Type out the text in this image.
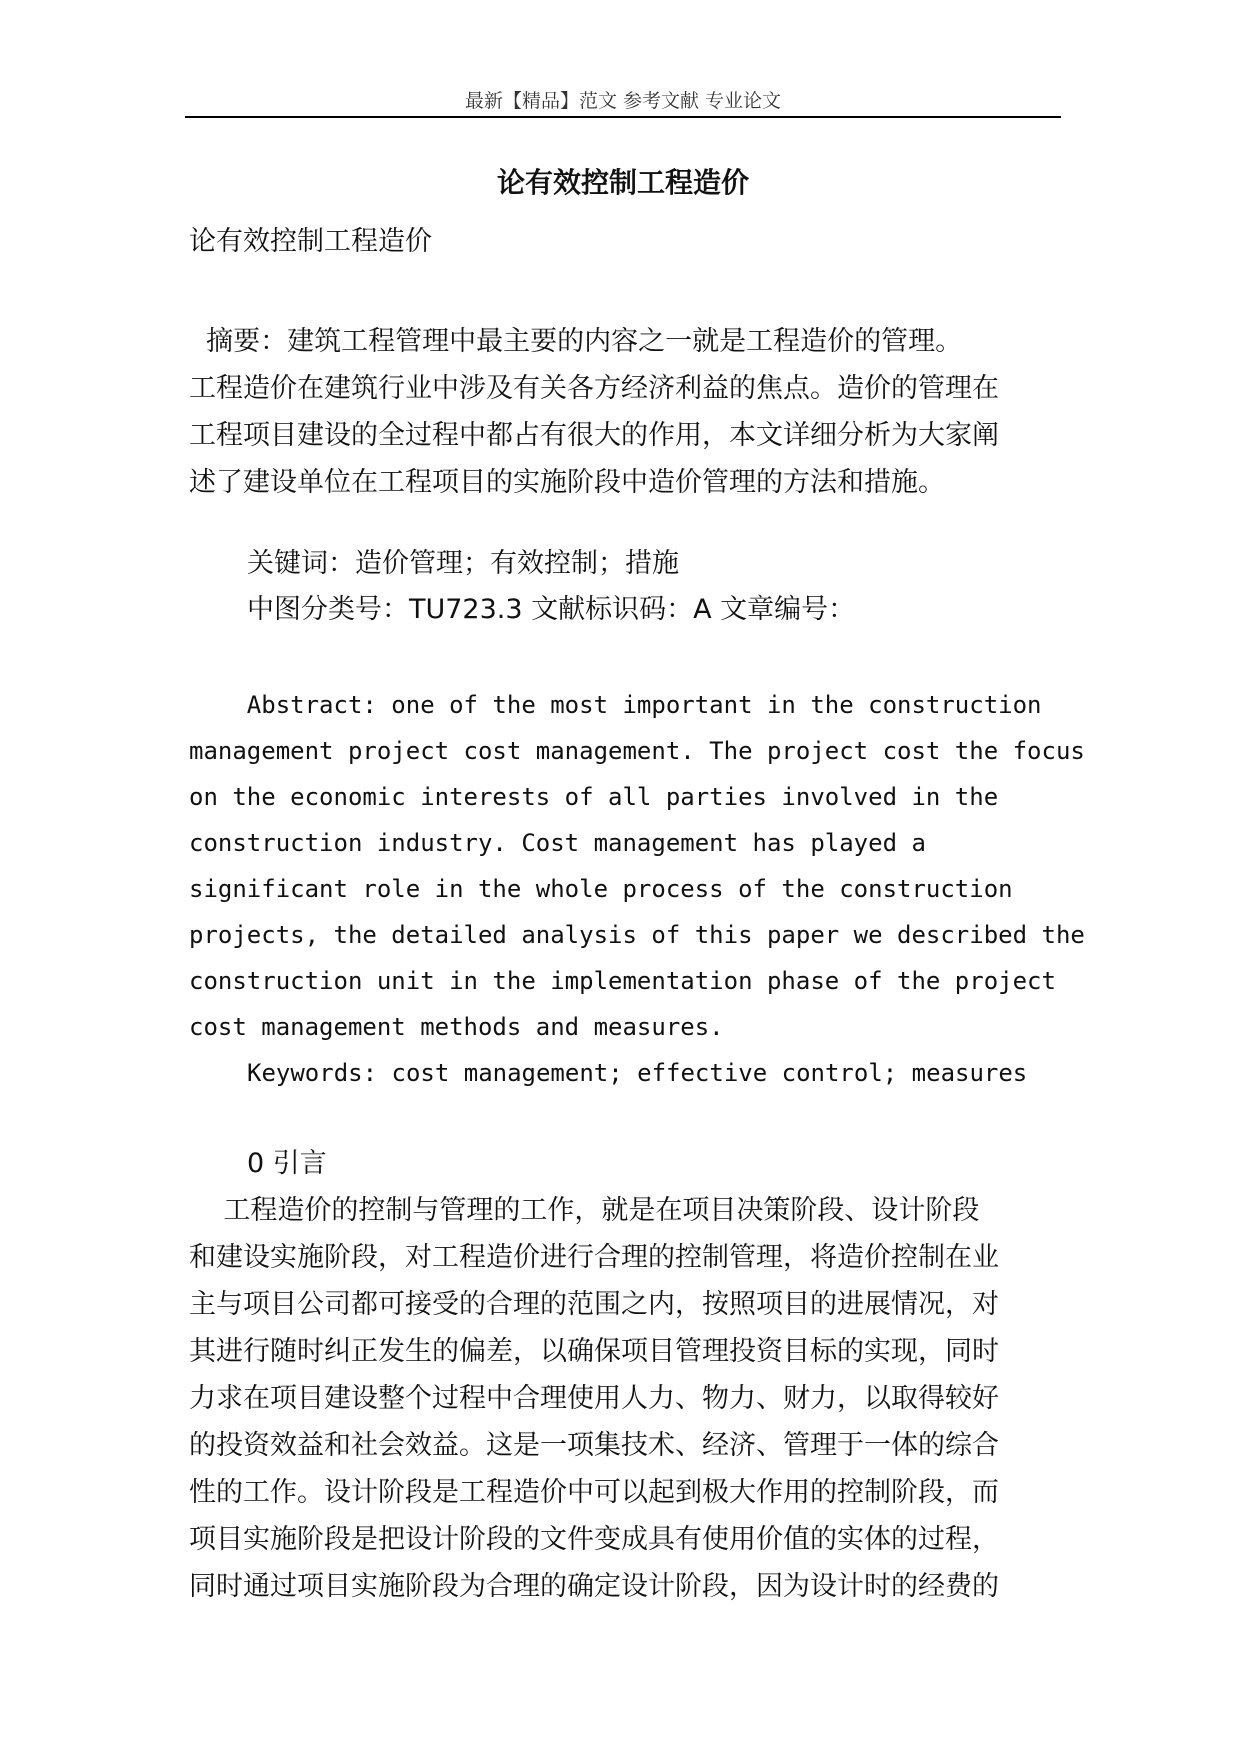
最新【精品】范文 参考文献 专业论文
论有效控制工程造价
论有效控制工程造价
摘要：建筑工程管理中最主要的内容之一就是工程造价的管理。
工程造价在建筑行业中涉及有关各方经济利益的焦点。造价的管理在
工程项目建设的全过程中都占有很大的作用，本文详细分析为大家阐
述了建设单位在工程项目的实施阶段中造价管理的方法和措施。
关键词：造价管理；有效控制；措施
中图分类号：TU723.3 文献标识码：A 文章编号：
Abstract: one of the most important in the construction
management project cost management. The project cost the focus
on the economic interests of all parties involved in the
construction industry. Cost management has played a
significant role in the whole process of the construction
projects, the detailed analysis of this paper we described the
construction unit in the implementation phase of the project
cost management methods and measures.
Keywords: cost management; effective control; measures
0 引言
工程造价的控制与管理的工作，就是在项目决策阶段、设计阶段
和建设实施阶段，对工程造价进行合理的控制管理，将造价控制在业
主与项目公司都可接受的合理的范围之内，按照项目的进展情况，对
其进行随时纠正发生的偏差，以确保项目管理投资目标的实现，同时
力求在项目建设整个过程中合理使用人力、物力、财力，以取得较好
的投资效益和社会效益。这是一项集技术、经济、管理于一体的综合
性的工作。设计阶段是工程造价中可以起到极大作用的控制阶段，而
项目实施阶段是把设计阶段的文件变成具有使用价值的实体的过程，
同时通过项目实施阶段为合理的确定设计阶段，因为设计时的经费的
